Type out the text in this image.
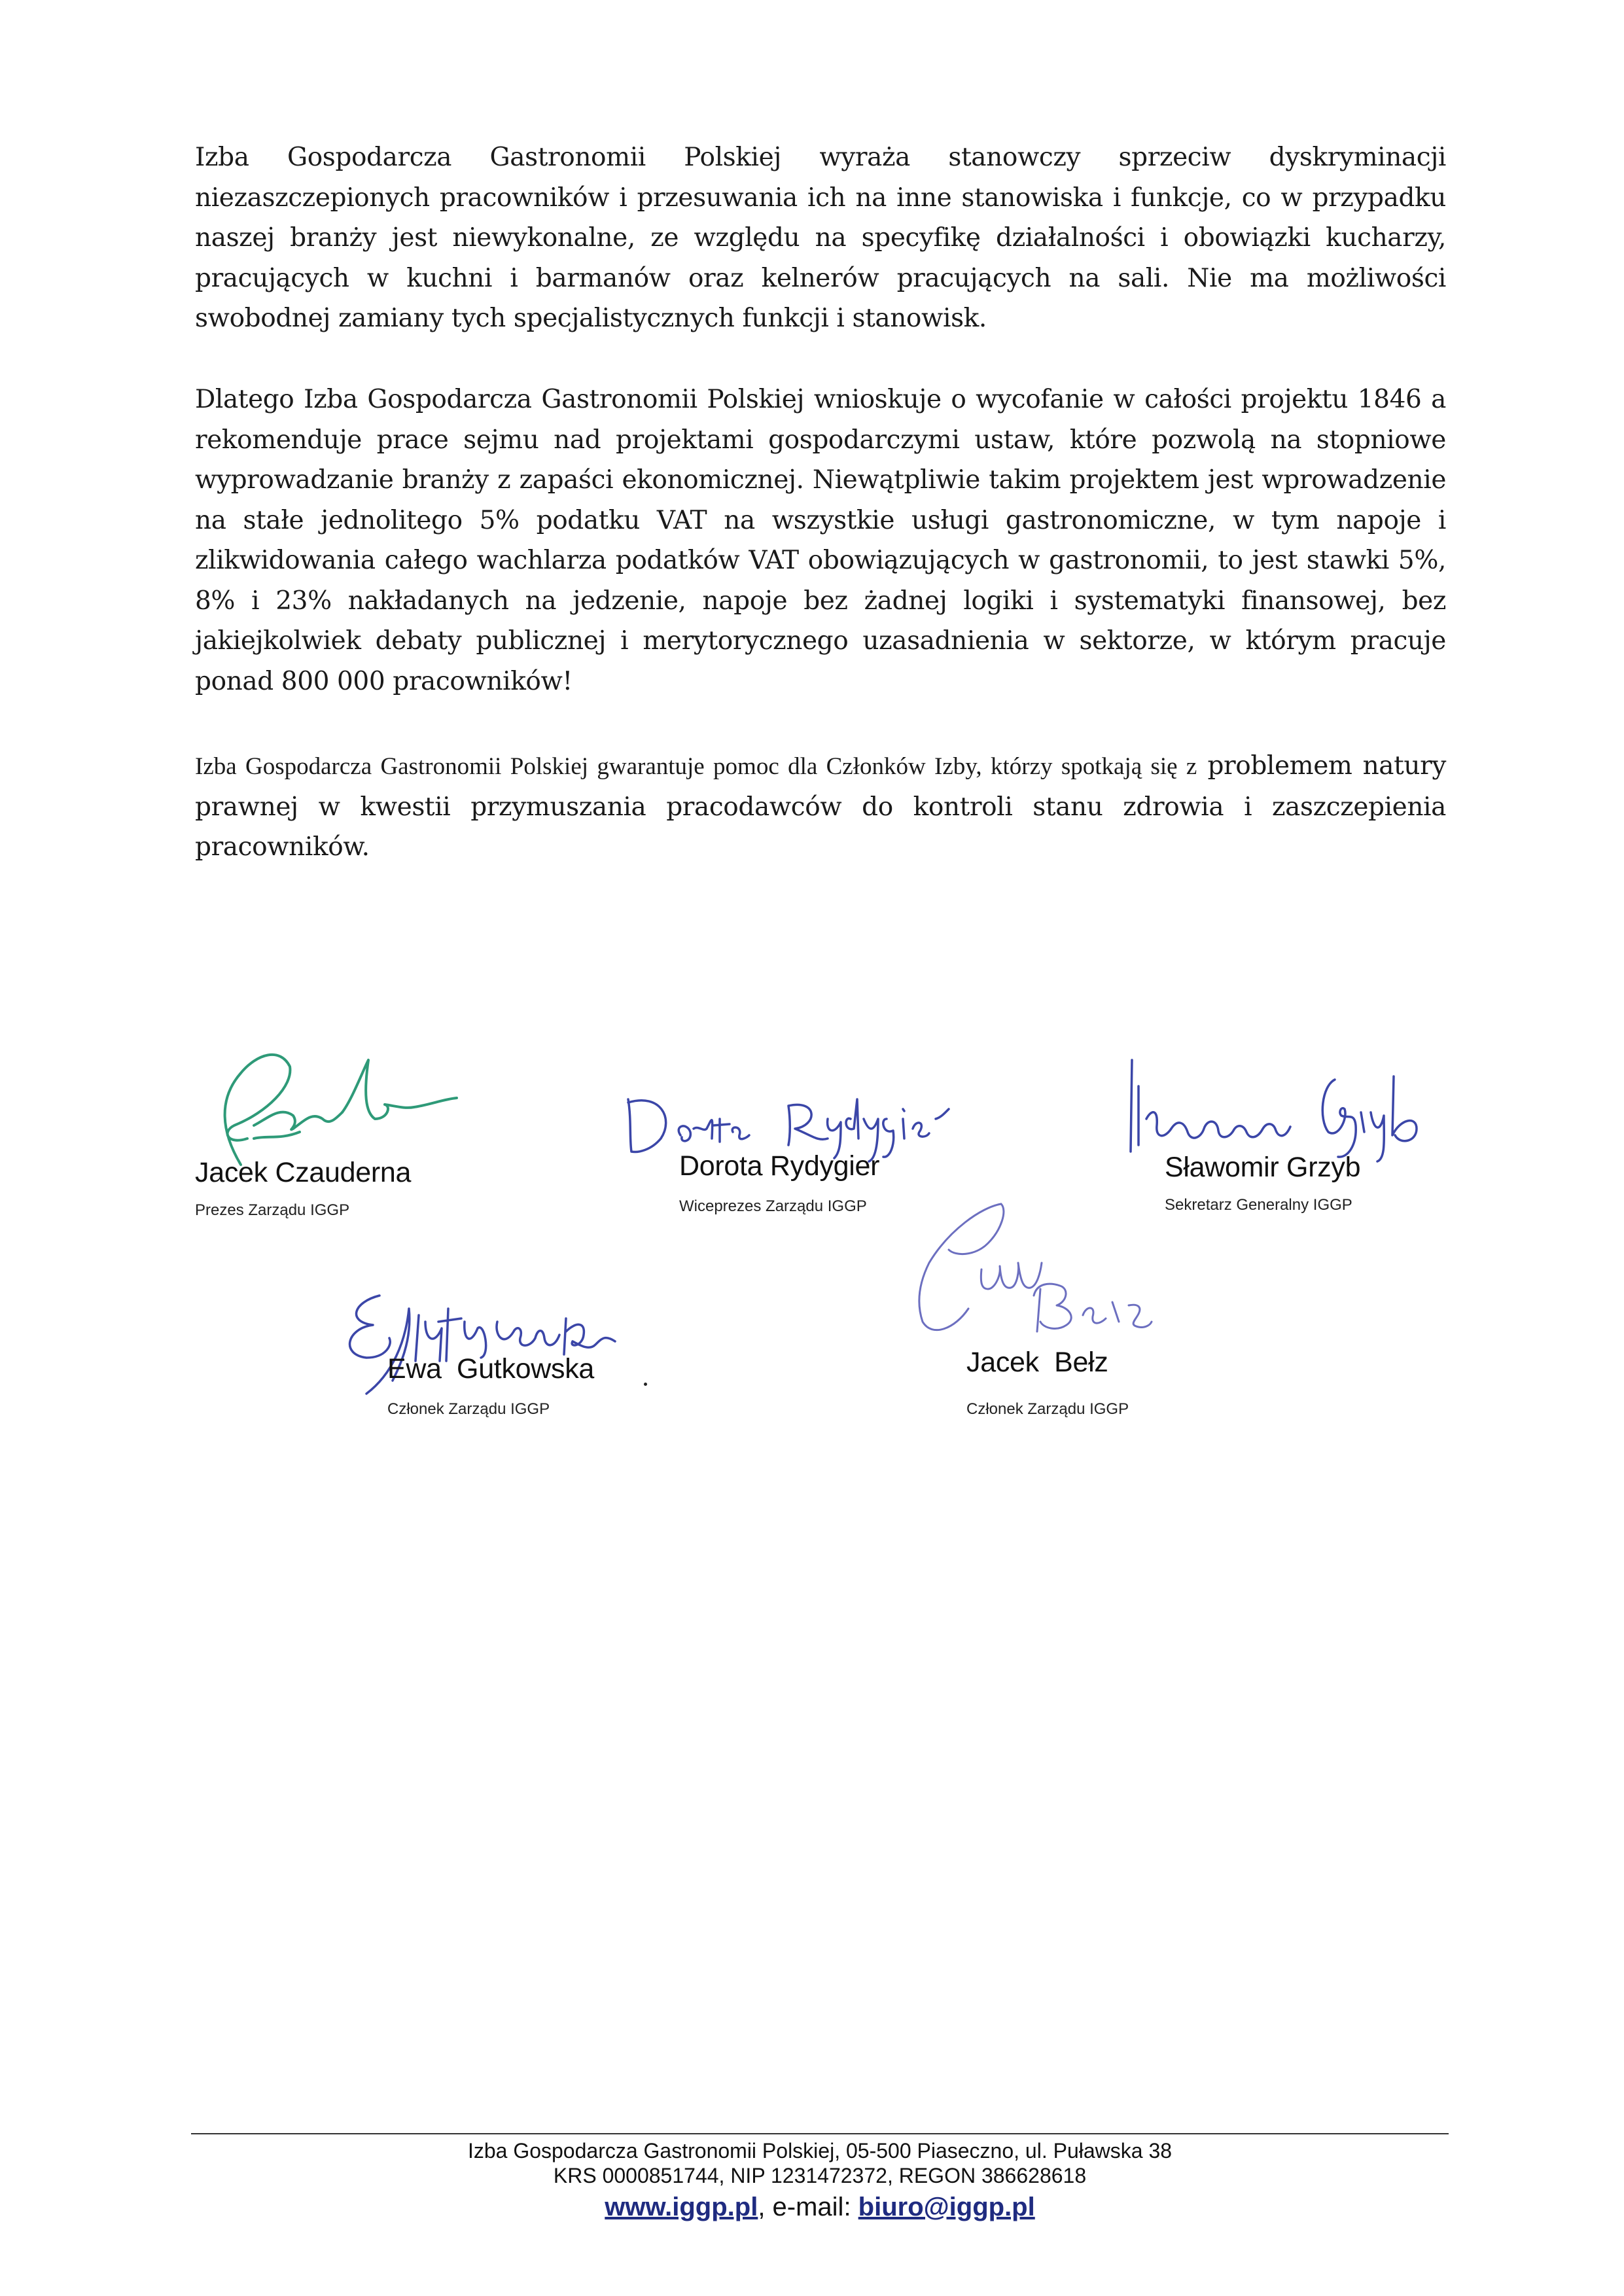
Izba Gospodarcza Gastronomii Polskiej wyraża stanowczy sprzeciw dyskryminacji niezaszczepionych pracowników i przesuwania ich na inne stanowiska i funkcje, co w przypadku naszej branży jest niewykonalne, ze względu na specyfikę działalności i obowiązki kucharzy, pracujących w kuchni i barmanów oraz kelnerów pracujących na sali. Nie ma możliwości swobodnej zamiany tych specjalistycznych funkcji i stanowisk.

Dlatego Izba Gospodarcza Gastronomii Polskiej wnioskuje o wycofanie w całości projektu 1846 a rekomenduje prace sejmu nad projektami gospodarczymi ustaw, które pozwolą na stopniowe wyprowadzanie branży z zapaści ekonomicznej. Niewątpliwie takim projektem jest wprowadzenie na stałe jednolitego 5% podatku VAT na wszystkie usługi gastronomiczne, w tym napoje i zlikwidowania całego wachlarza podatków VAT obowiązujących w gastronomii, to jest stawki 5%, 8% i 23% nakładanych na jedzenie, napoje bez żadnej logiki i systematyki finansowej, bez jakiejkolwiek debaty publicznej i merytorycznego uzasadnienia w sektorze, w którym pracuje ponad 800 000 pracowników!

Izba Gospodarcza Gastronomii Polskiej gwarantuje pomoc dla Członków Izby, którzy spotkają się z problemem natury prawnej w kwestii przymuszania pracodawców do kontroli stanu zdrowia i zaszczepienia pracowników.

Jacek Czauderna
Prezes Zarządu IGGP
Dorota Rydygier
Wiceprezes Zarządu IGGP
Sławomir Grzyb
Sekretarz Generalny IGGP
Ewa  Gutkowska
Członek Zarządu IGGP
Jacek  Bełz
Członek Zarządu IGGP
Izba Gospodarcza Gastronomii Polskiej, 05-500 Piaseczno, ul. Puławska 38
KRS 0000851744, NIP 1231472372, REGON 386628618
www.iggp.pl, e-mail: biuro@iggp.pl
